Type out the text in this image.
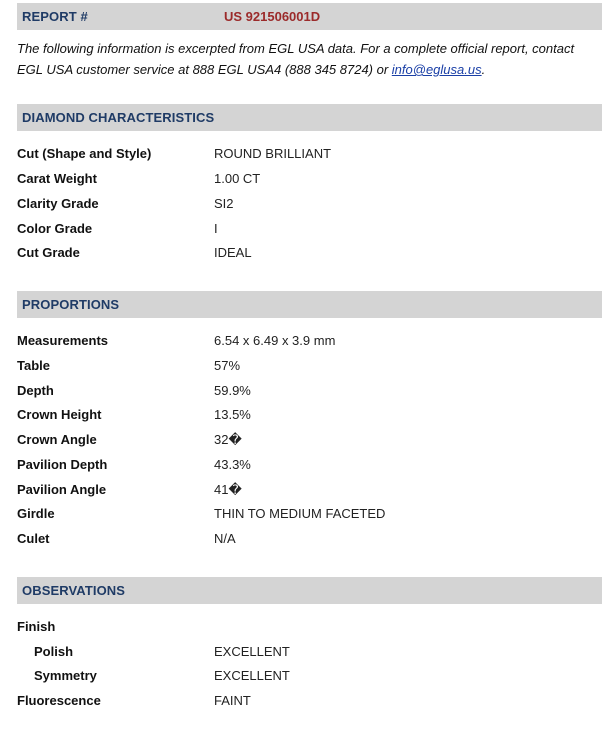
REPORT #	US 921506001D
The following information is excerpted from EGL USA data. For a complete official report, contact EGL USA customer service at 888 EGL USA4 (888 345 8724) or info@eglusa.us.
DIAMOND CHARACTERISTICS
Cut (Shape and Style)	ROUND BRILLIANT
Carat Weight	1.00 CT
Clarity Grade	SI2
Color Grade	I
Cut Grade	IDEAL
PROPORTIONS
Measurements	6.54 x 6.49 x 3.9 mm
Table	57%
Depth	59.9%
Crown Height	13.5%
Crown Angle	32�
Pavilion Depth	43.3%
Pavilion Angle	41�
Girdle	THIN TO MEDIUM FACETED
Culet	N/A
OBSERVATIONS
Finish
Polish	EXCELLENT
Symmetry	EXCELLENT
Fluorescence	FAINT
